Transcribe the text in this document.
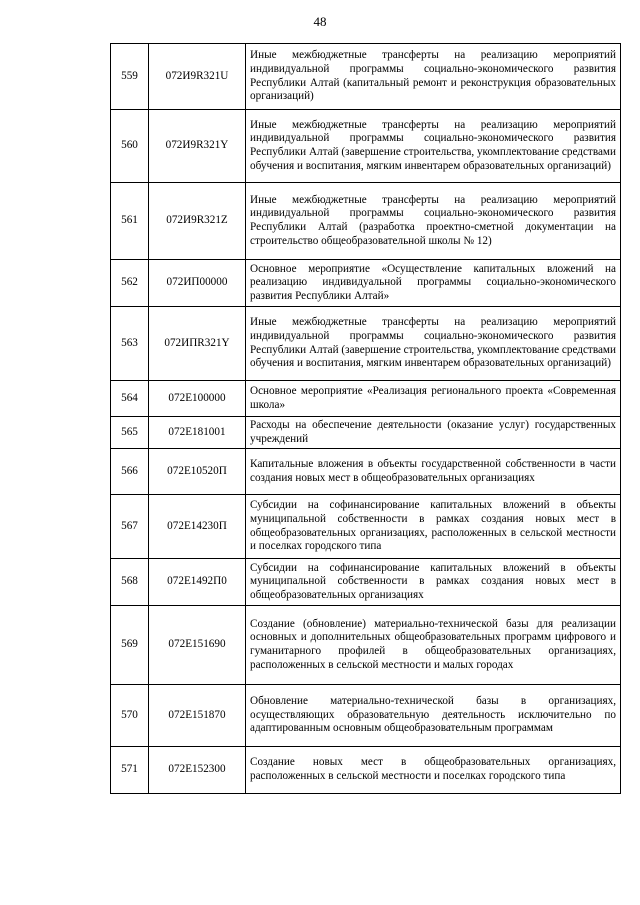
48
559	072И9R321U	Иные межбюджетные трансферты на реализацию мероприятий индивидуальной программы социально-экономического развития Республики Алтай (капитальный ремонт и реконструкция образовательных организаций)
560	072И9R321Y	Иные межбюджетные трансферты на реализацию мероприятий индивидуальной программы социально-экономического развития Республики Алтай (завершение строительства, укомплектование средствами обучения и воспитания, мягким инвентарем образовательных организаций)
561	072И9R321Z	Иные межбюджетные трансферты на реализацию мероприятий индивидуальной программы социально-экономического развития Республики Алтай (разработка проектно-сметной документации на строительство общеобразовательной школы № 12)
562	072ИП00000	Основное мероприятие «Осуществление капитальных вложений на реализацию индивидуальной программы социально-экономического развития Республики Алтай»
563	072ИПR321Y	Иные межбюджетные трансферты на реализацию мероприятий индивидуальной программы социально-экономического развития Республики Алтай (завершение строительства, укомплектование средствами обучения и воспитания, мягким инвентарем образовательных организаций)
564	072Е100000	Основное мероприятие «Реализация регионального проекта «Современная школа»
565	072Е181001	Расходы на обеспечение деятельности (оказание услуг) государственных учреждений
566	072Е10520П	Капитальные вложения в объекты государственной собственности в части создания новых мест в общеобразовательных организациях
567	072Е14230П	Субсидии на софинансирование капитальных вложений в объекты муниципальной собственности в рамках создания новых мест в общеобразовательных организациях, расположенных в сельской местности и поселках городского типа
568	072Е1492П0	Субсидии на софинансирование капитальных вложений в объекты муниципальной собственности в рамках создания новых мест в общеобразовательных организациях
569	072Е151690	Создание (обновление) материально-технической базы для реализации основных и дополнительных общеобразовательных программ цифрового и гуманитарного профилей в общеобразовательных организациях, расположенных в сельской местности и малых городах
570	072Е151870	Обновление материально-технической базы в организациях, осуществляющих образовательную деятельность исключительно по адаптированным основным общеобразовательным программам
571	072Е152300	Создание новых мест в общеобразовательных организациях, расположенных в сельской местности и поселках городского типа
